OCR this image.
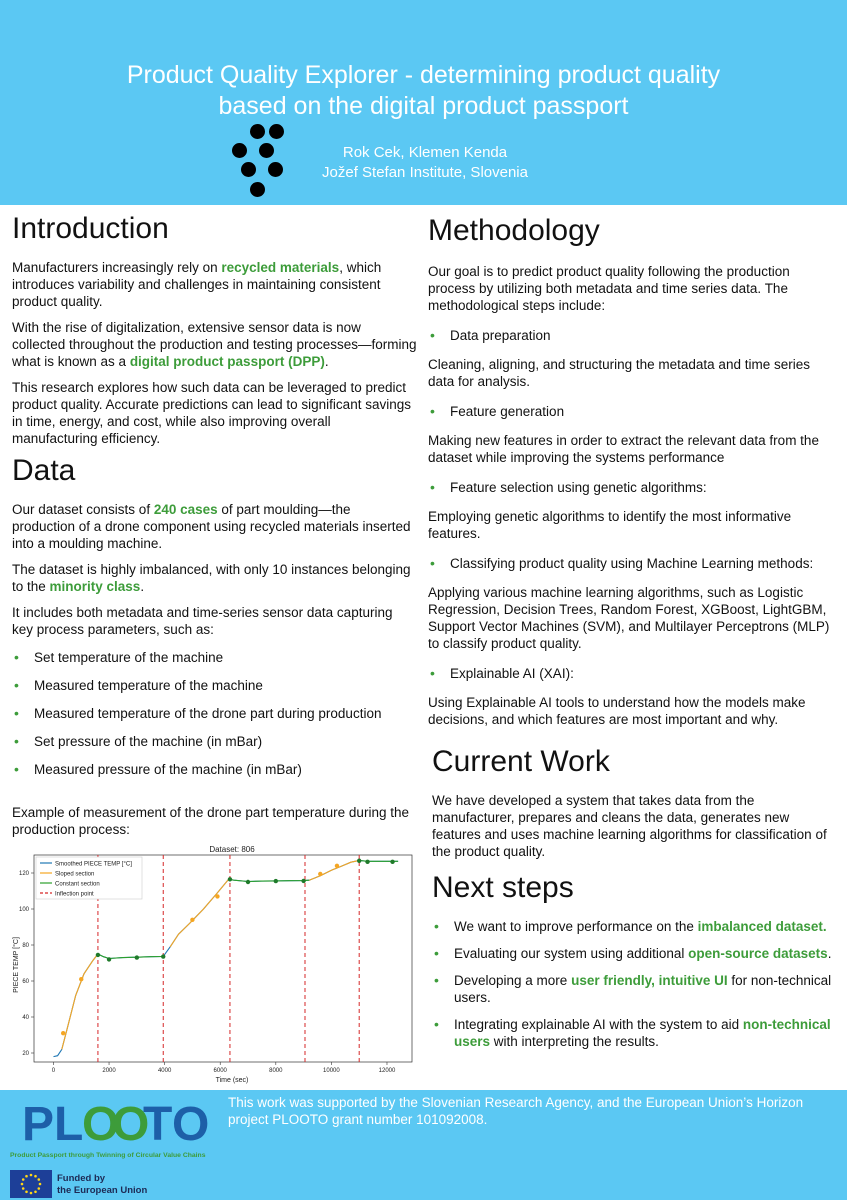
Product Quality Explorer - determining product quality
based on the digital product passport
Rok Cek, Klemen Kenda
Jožef Stefan Institute, Slovenia
Introduction

Manufacturers increasingly rely on recycled materials, which introduces variability and challenges in maintaining consistent product quality.

With the rise of digitalization, extensive sensor data is now collected throughout the production and testing processes—forming what is known as a digital product passport (DPP).

This research explores how such data can be leveraged to predict product quality. Accurate predictions can lead to significant savings in time, energy, and cost, while also improving overall manufacturing efficiency.

Data

Our dataset consists of 240 cases of part moulding—the production of a drone component using recycled materials inserted into a moulding machine.

The dataset is highly imbalanced, with only 10 instances belonging to the minority class.

It includes both metadata and time-series sensor data capturing key process parameters, such as:

• Set temperature of the machine

• Measured temperature of the machine

• Measured temperature of the drone part during production

• Set pressure of the machine (in mBar)

• Measured pressure of the machine (in mBar)

Example of measurement of the drone part temperature during the production process:

Dataset: 806
0	2000	4000	6000	8000	10000	12000
20
40
60
80
100
120
Time (sec)
PIECE TEMP [°C]
Smoothed PIECE TEMP [°C]
Sloped section
Constant section
Inflection point
Methodology

Our goal is to predict product quality following the production process by utilizing both metadata and time series data. The methodological steps include:

• Data preparation

Cleaning, aligning, and structuring the metadata and time series data for analysis.

• Feature generation

Making new features in order to extract the relevant data from the dataset while improving the systems performance

• Feature selection using genetic algorithms:

Employing genetic algorithms to identify the most informative features.

• Classifying product quality using Machine Learning methods:

Applying various machine learning algorithms, such as Logistic Regression, Decision Trees, Random Forest, XGBoost, LightGBM, Support Vector Machines (SVM), and Multilayer Perceptrons (MLP) to classify product quality.

• Explainable AI (XAI):

Using Explainable AI tools to understand how the models make decisions, and which features are most important and why.

Current Work

We have developed a system that takes data from the manufacturer, prepares and cleans the data, generates new features and uses machine learning algorithms for classification of the product quality.

Next steps

• We want to improve performance on the imbalanced dataset.

• Evaluating our system using additional open-source datasets.

• Developing a more user friendly, intuitive UI for non-technical users.

• Integrating explainable AI with the system to aid non-technical users with interpreting the results.

P L
O
O
T O
Product Passport through Twinning of Circular Value Chains
This work was supported by the Slovenian Research Agency, and the European Union’s Horizon project PLOOTO grant number 101092008.
Funded by
the European Union
